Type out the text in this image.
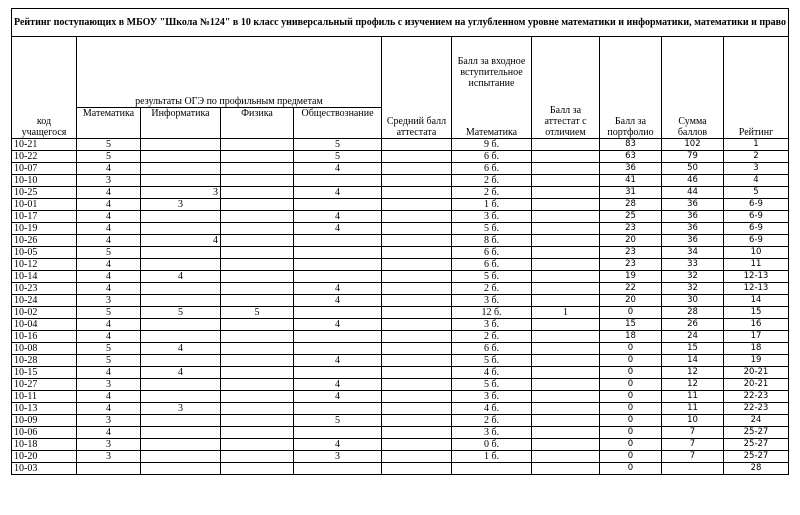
Рейтинг поступающих в МБОУ "Школа №124" в 10 класс универсальный профиль с изучением на углубленном уровне математики и информатики, математики и право										
код учащегося	результаты ОГЭ по профильным предметам				Средний балл аттестата	Балл за входное вступительное испытание	Балл за аттестат с отличием	Балл за портфолио	Сумма баллов	Рейтинг
	Математика	Информатика	Физика	Обществознание		Математика				
10-21	5			5		9 б.		83	102	1
10-22	5			5		6 б.		63	79	2
10-07	4			4		6 б.		36	50	3
10-10	3					2 б.		41	46	4
10-25	4	3		4		2 б.		31	44	5
10-01	4	3				1 б.		28	36	6-9
10-17	4			4		3 б.		25	36	6-9
10-19	4			4		5 б.		23	36	6-9
10-26	4	4				8 б.		20	36	6-9
10-05	5					6 б.		23	34	10
10-12	4					6 б.		23	33	11
10-14	4	4				5 б.		19	32	12-13
10-23	4			4		2 б.		22	32	12-13
10-24	3			4		3 б.		20	30	14
10-02	5	5	5			12 б.	1	0	28	15
10-04	4			4		3 б.		15	26	16
10-16	4					2 б.		18	24	17
10-08	5	4				6 б.		0	15	18
10-28	5			4		5 б.		0	14	19
10-15	4	4				4 б.		0	12	20-21
10-27	3			4		5 б.		0	12	20-21
10-11	4			4		3 б.		0	11	22-23
10-13	4	3				4 б.		0	11	22-23
10-09	3			5		2 б.		0	10	24
10-06	4					3 б.		0	7	25-27
10-18	3			4		0 б.		0	7	25-27
10-20	3			3		1 б.		0	7	25-27
10-03								0		28
